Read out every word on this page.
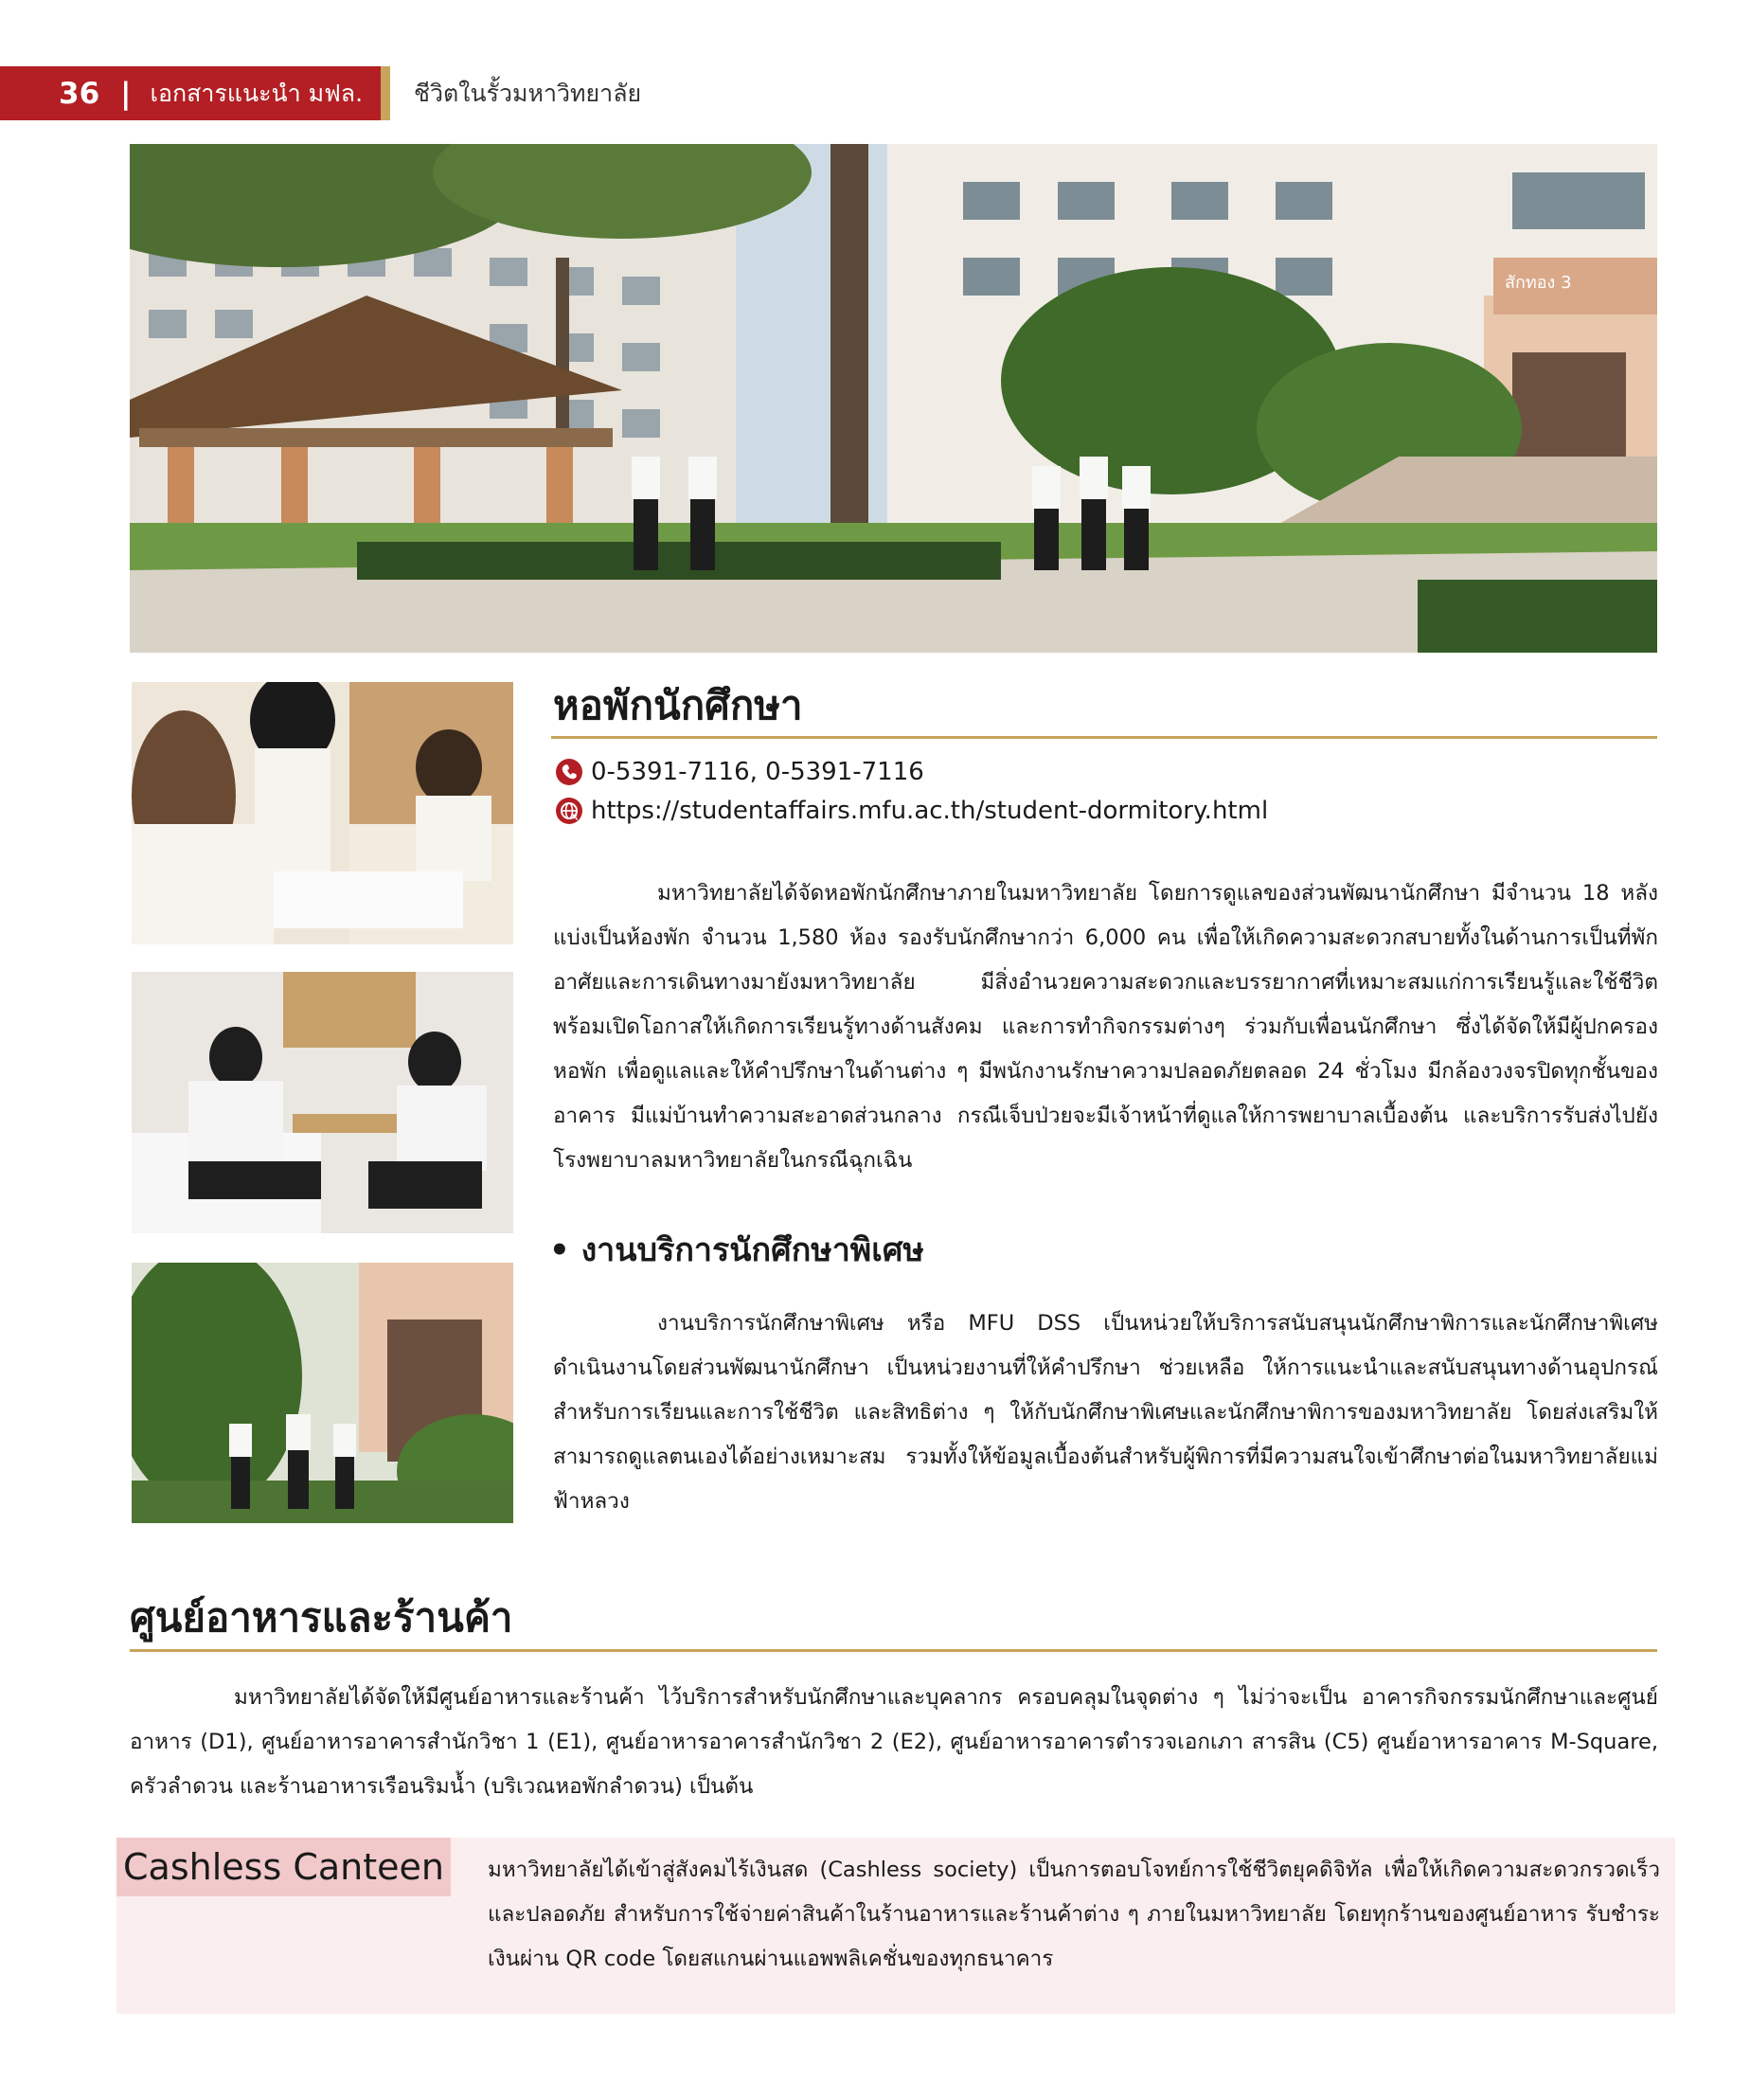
36 | เอกสารแนะนำ มฟล. ชีวิตในรั้วมหาวิทยาลัย
สักทอง 3
หอพักนักศึกษา
0-5391-7116, 0-5391-7116
https://studentaffairs.mfu.ac.th/student-dormitory.html

มหาวิทยาลัยได้จัดหอพักนักศึกษาภายในมหาวิทยาลัย โดยการดูแลของส่วนพัฒนานักศึกษา มีจำนวน 18 หลัง แบ่งเป็นห้องพัก จำนวน 1,580 ห้อง รองรับนักศึกษากว่า 6,000 คน เพื่อให้เกิดความสะดวกสบายทั้งในด้านการเป็นที่พักอาศัยและการเดินทางมายังมหาวิทยาลัย มีสิ่งอำนวยความสะดวกและบรรยากาศที่เหมาะสมแก่การเรียนรู้และใช้ชีวิต พร้อมเปิดโอกาสให้เกิดการเรียนรู้ทางด้านสังคม และการทำกิจกรรมต่างๆ ร่วมกับเพื่อนนักศึกษา ซึ่งได้จัดให้มีผู้ปกครองหอพัก เพื่อดูแลและให้คำปรึกษาในด้านต่าง ๆ มีพนักงานรักษาความปลอดภัยตลอด 24 ชั่วโมง มีกล้องวงจรปิดทุกชั้นของอาคาร มีแม่บ้านทำความสะอาดส่วนกลาง กรณีเจ็บป่วยจะมีเจ้าหน้าที่ดูแลให้การพยาบาลเบื้องต้น และบริการรับส่งไปยังโรงพยาบาลมหาวิทยาลัยในกรณีฉุกเฉิน

• งานบริการนักศึกษาพิเศษ

งานบริการนักศึกษาพิเศษ หรือ MFU DSS เป็นหน่วยให้บริการสนับสนุนนักศึกษาพิการและนักศึกษาพิเศษ ดำเนินงานโดยส่วนพัฒนานักศึกษา เป็นหน่วยงานที่ให้คำปรึกษา ช่วยเหลือ ให้การแนะนำและสนับสนุนทางด้านอุปกรณ์สำหรับการเรียนและการใช้ชีวิต และสิทธิต่าง ๆ ให้กับนักศึกษาพิเศษและนักศึกษาพิการของมหาวิทยาลัย โดยส่งเสริมให้สามารถดูแลตนเองได้อย่างเหมาะสม รวมทั้งให้ข้อมูลเบื้องต้นสำหรับผู้พิการที่มีความสนใจเข้าศึกษาต่อในมหาวิทยาลัยแม่ฟ้าหลวง

ศูนย์อาหารและร้านค้า

มหาวิทยาลัยได้จัดให้มีศูนย์อาหารและร้านค้า ไว้บริการสำหรับนักศึกษาและบุคลากร ครอบคลุมในจุดต่าง ๆ ไม่ว่าจะเป็น อาคารกิจกรรมนักศึกษาและศูนย์อาหาร (D1), ศูนย์อาหารอาคารสำนักวิชา 1 (E1), ศูนย์อาหารอาคารสำนักวิชา 2 (E2), ศูนย์อาหารอาคารตำรวจเอกเภา สารสิน (C5) ศูนย์อาหารอาคาร M-Square, ครัวลำดวน และร้านอาหารเรือนริมน้ำ (บริเวณหอพักลำดวน) เป็นต้น

Cashless Canteen	มหาวิทยาลัยได้เข้าสู่สังคมไร้เงินสด (Cashless society) เป็นการตอบโจทย์การใช้ชีวิตยุคดิจิทัล เพื่อให้เกิดความสะดวกรวดเร็ว และปลอดภัย สำหรับการใช้จ่ายค่าสินค้าในร้านอาหารและร้านค้าต่าง ๆ ภายในมหาวิทยาลัย โดยทุกร้านของศูนย์อาหาร รับชำระเงินผ่าน QR code โดยสแกนผ่านแอพพลิเคชั่นของทุกธนาคาร
